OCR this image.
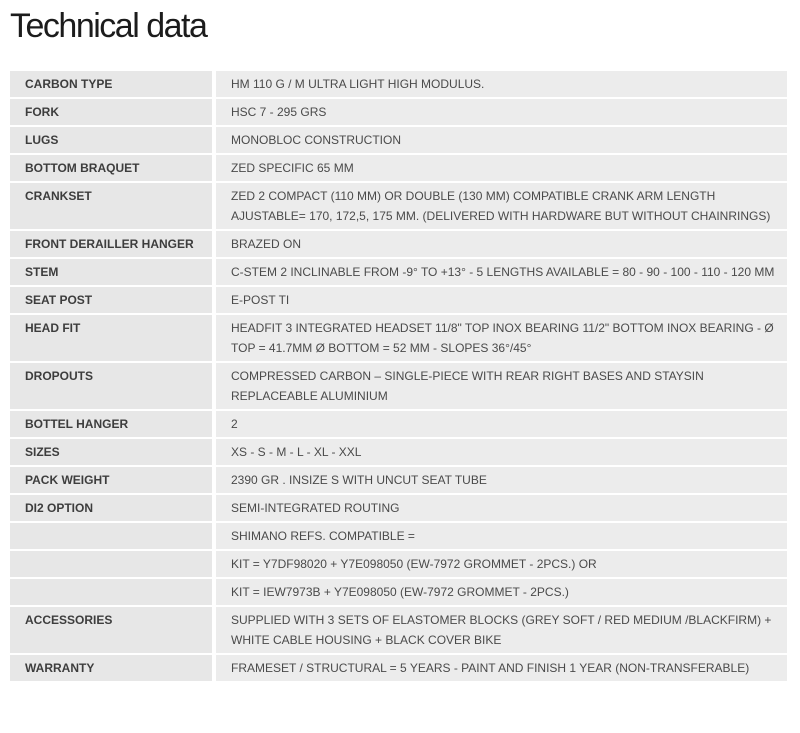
Technical data
CARBON TYPE	HM 110 G / M ULTRA LIGHT HIGH MODULUS.
FORK	HSC 7 - 295 GRS
LUGS	MONOBLOC CONSTRUCTION
BOTTOM BRAQUET	ZED SPECIFIC 65 MM
CRANKSET	ZED 2 COMPACT (110 MM) OR DOUBLE (130 MM) COMPATIBLE CRANK ARM LENGTH AJUSTABLE= 170, 172,5, 175 MM. (DELIVERED WITH HARDWARE BUT WITHOUT CHAINRINGS)
FRONT DERAILLER HANGER	BRAZED ON
STEM	C-STEM 2 INCLINABLE FROM -9° TO +13° - 5 LENGTHS AVAILABLE = 80 - 90 - 100 - 110 - 120 MM
SEAT POST	E-POST TI
HEAD FIT	HEADFIT 3 INTEGRATED HEADSET 11/8" TOP INOX BEARING 11/2" BOTTOM INOX BEARING - Ø TOP = 41.7MM Ø BOTTOM = 52 MM - SLOPES 36°/45°
DROPOUTS	COMPRESSED CARBON – SINGLE-PIECE WITH REAR RIGHT BASES AND STAYSIN REPLACEABLE ALUMINIUM
BOTTEL HANGER	2
SIZES	XS - S - M - L - XL - XXL
PACK WEIGHT	2390 GR . INSIZE S WITH UNCUT SEAT TUBE
DI2 OPTION	SEMI-INTEGRATED ROUTING
	SHIMANO REFS. COMPATIBLE =
	KIT = Y7DF98020 + Y7E098050 (EW-7972 GROMMET - 2PCS.) OR
	KIT = IEW7973B + Y7E098050 (EW-7972 GROMMET - 2PCS.)
ACCESSORIES	SUPPLIED WITH 3 SETS OF ELASTOMER BLOCKS (GREY SOFT / RED MEDIUM /BLACKFIRM) + WHITE CABLE HOUSING + BLACK COVER BIKE
WARRANTY	FRAMESET / STRUCTURAL = 5 YEARS - PAINT AND FINISH 1 YEAR (NON-TRANSFERABLE)
